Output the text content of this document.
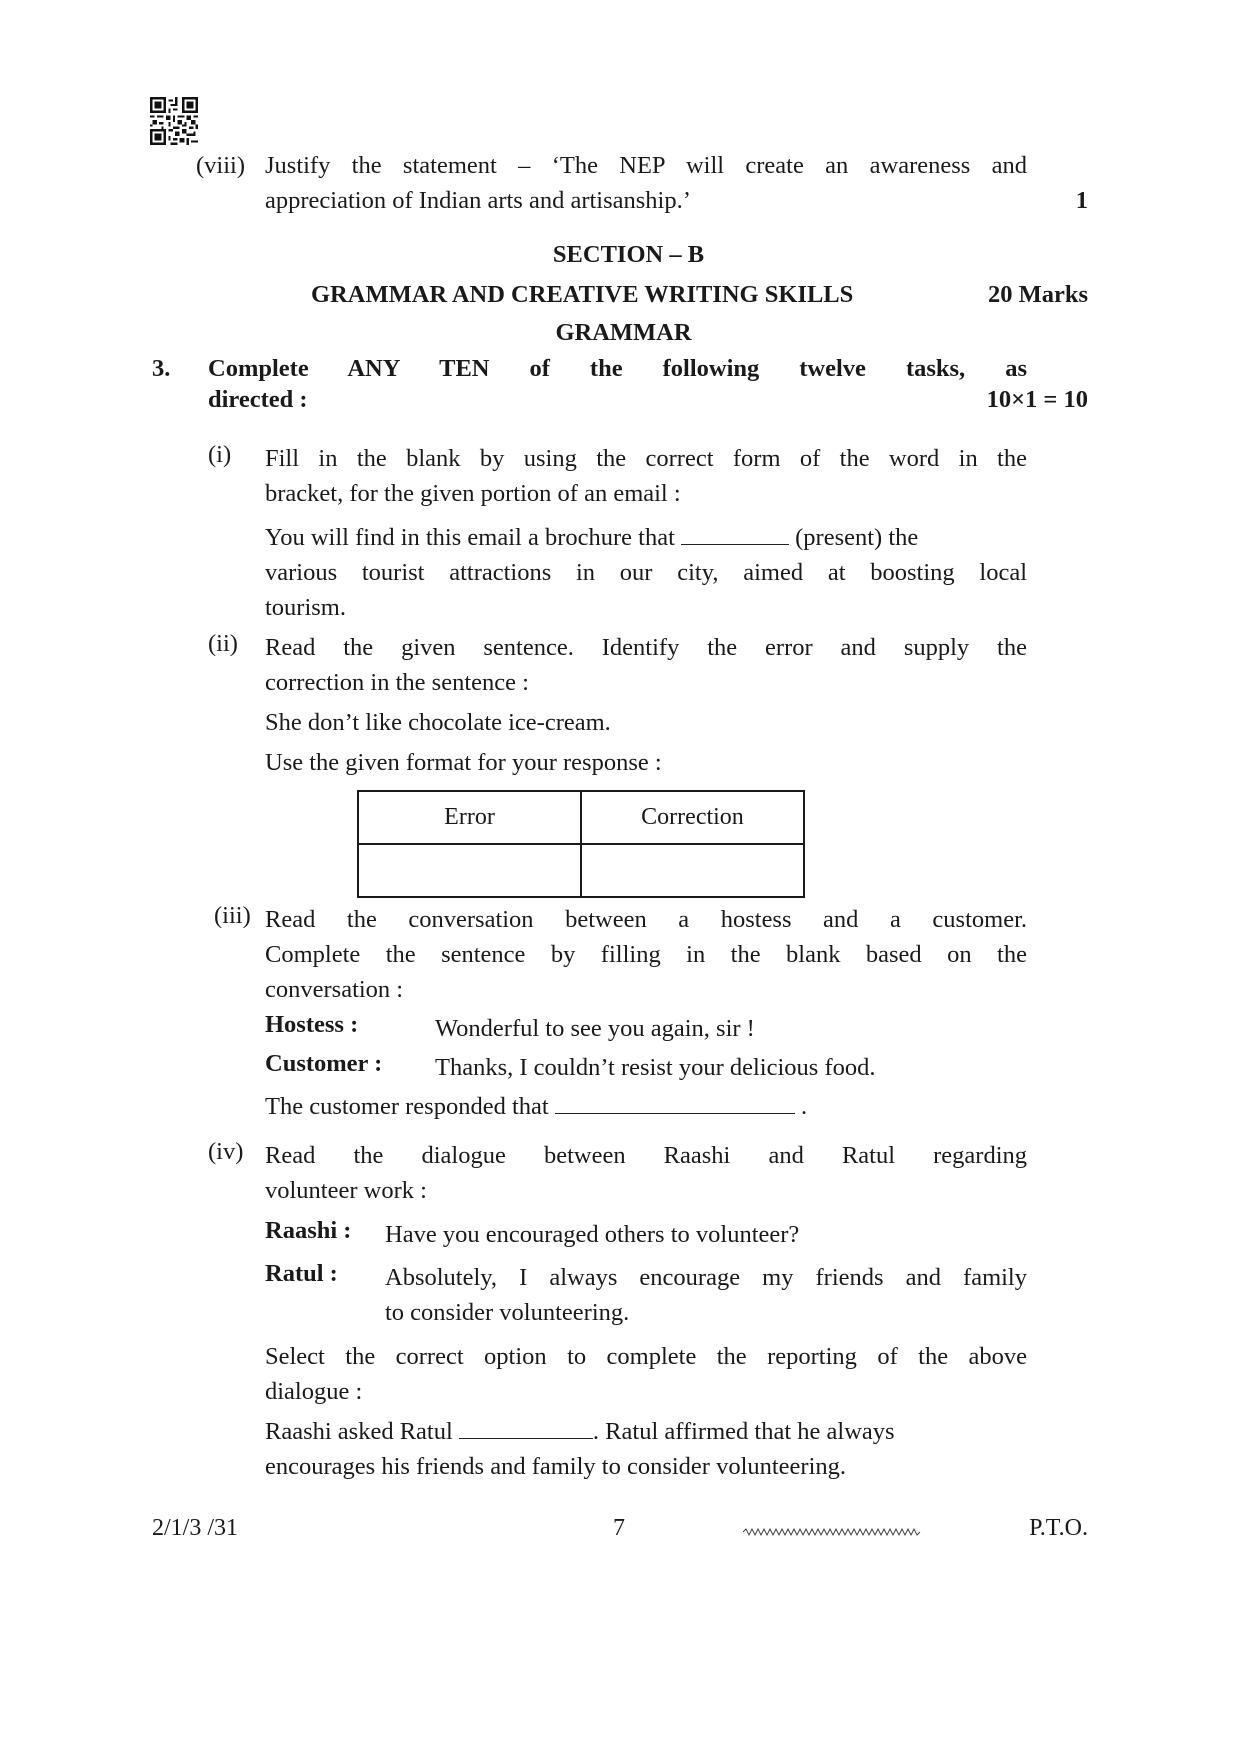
(viii) Justify the statement – ‘The NEP will create an awareness and
appreciation of Indian arts and artisanship.’	1
SECTION – B
GRAMMAR AND CREATIVE WRITING SKILLS	20 Marks
GRAMMAR
3. Complete ANY TEN of the following twelve tasks, as
directed :	10×1 = 10
(i) Fill in the blank by using the correct form of the word in the
bracket, for the given portion of an email :
You will find in this email a brochure that	(present) the
various tourist attractions in our city, aimed at boosting local
tourism.
(ii) Read the given sentence. Identify the error and supply the
correction in the sentence :
She don’t like chocolate ice-cream.
Use the given format for your response :
Error	Correction

(iii) Read the conversation between a hostess and a customer.
Complete the sentence by filling in the blank based on the
conversation :
Hostess :	Wonderful to see you again, sir !
Customer : Thanks, I couldn’t resist your delicious food.
The customer responded that	.
(iv) Read the dialogue between Raashi and Ratul regarding
volunteer work :
Raashi : Have you encouraged others to volunteer?
Ratul : Absolutely, I always encourage my friends and family
to consider volunteering.
Select the correct option to complete the reporting of the above
dialogue :
Raashi asked Ratul	. Ratul affirmed that he always
encourages his friends and family to consider volunteering.
2/1/3 /31	7	P.T.O.
